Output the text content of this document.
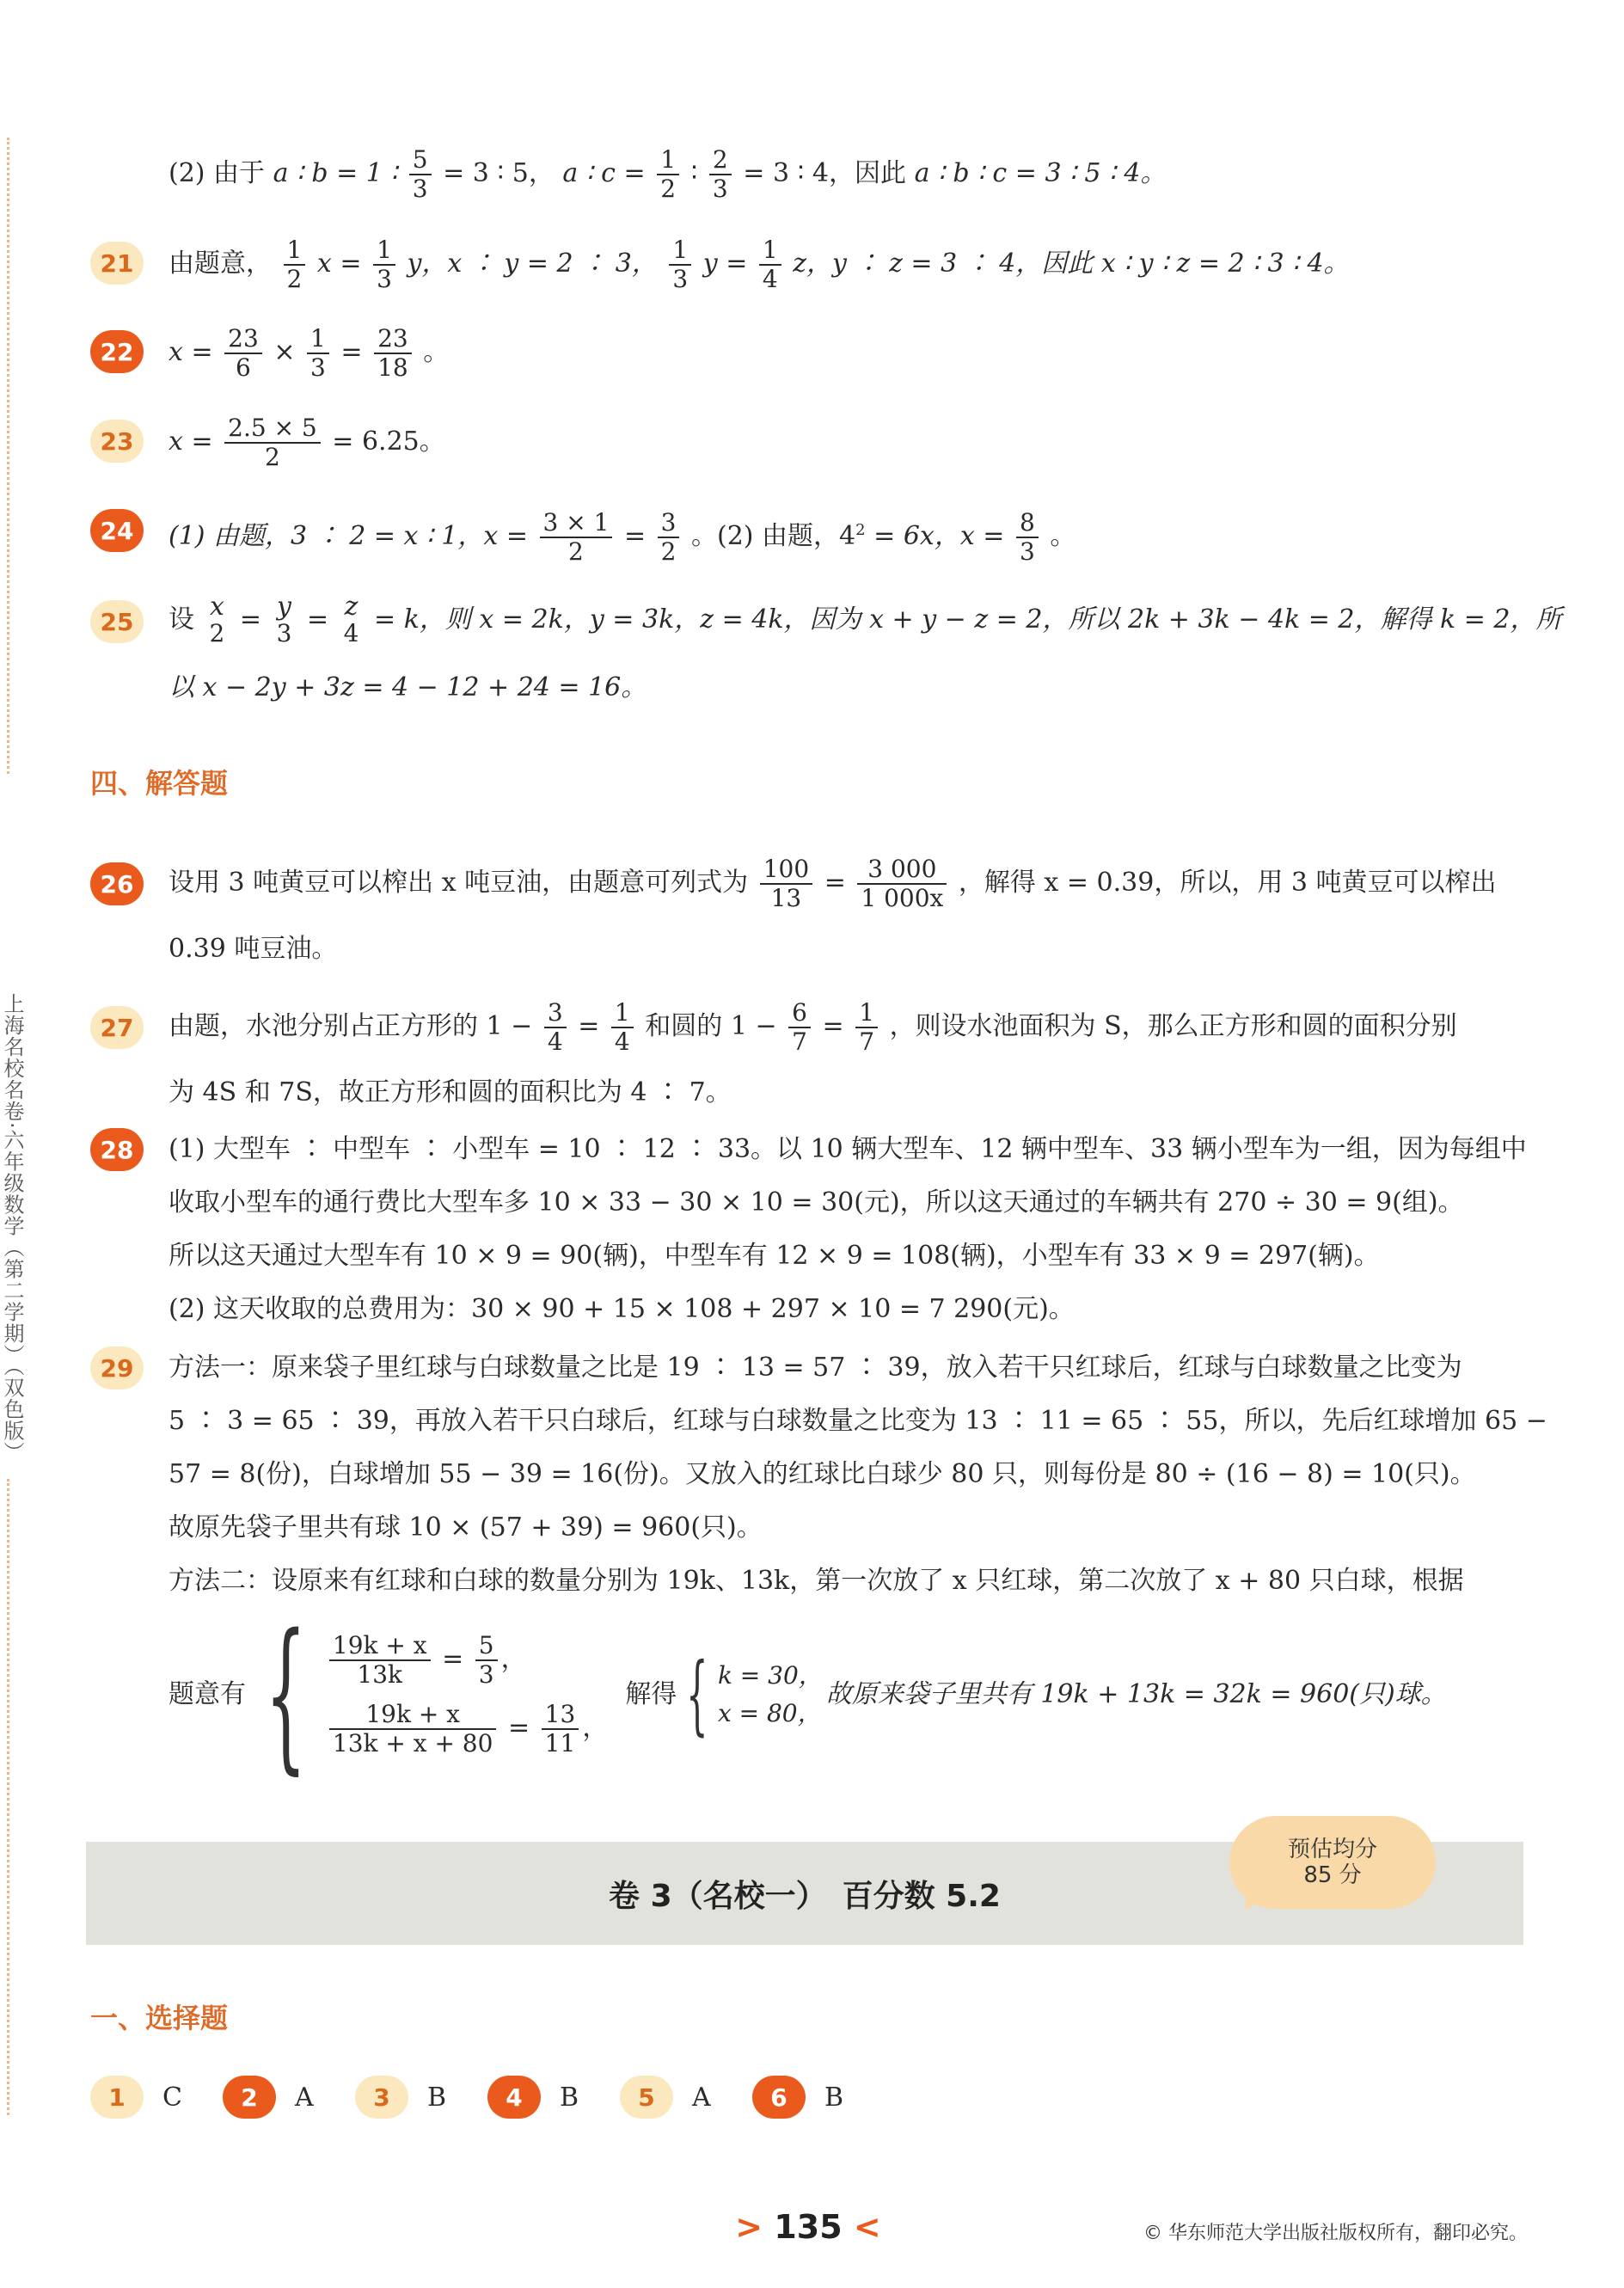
上海名校名卷·六年级数学（第二学期）（双色版）
(2) 由于 a ∶ b = 1 ∶ $\frac{5}{3} = 3$ ∶ 5， a ∶ $c = \frac{1}{2}$ ∶ $\frac{2}{3} = 3$ ∶ 4，因此 a ∶ b ∶ c = 3 ∶ 5 ∶ 4。
21	由题意， $\frac{1}{2}$ $x = \frac{1}{3}$ y，x ∶ y = 2 ∶ 3， $\frac{1}{3}$ $y = \frac{1}{4}$ z，y ∶ z = 3 ∶ 4，因此 x ∶ y ∶ z = 2 ∶ 3 ∶ 4。
22	$x = \frac{23}{6} \times \frac{1}{3} = \frac{23}{18}$ 。
23	$x = \frac{2.5 \times 5}{2} = 6.25$。
24	(1) 由题，3 ∶ 2 = x ∶ 1，$x = \frac{3 \times 1}{2} = \frac{3}{2}$ 。(2) 由题，$4^2 = 6x$，$x = \frac{8}{3}$ 。
25	设 x
2 = y
3 = z
4 = k，则 x = 2k，y = 3k，z = 4k，因为 x + y − z = 2，所以 2k + 3k − 4k = 2，解得 k = 2，所
以 x − 2y + 3z = 4 − 12 + 24 = 16。
四、解答题
26	设用 3 吨黄豆可以榨出 x 吨豆油，由题意可列式为 $\frac{100}{13} = \frac{3 000}{1 000x}$ ，解得 x = 0.39，所以，用 3 吨黄豆可以榨出
0.39 吨豆油。
27	由题，水池分别占正方形的 $1 - \frac{3}{4} = \frac{1}{4}$ 和圆的 $1 - \frac{6}{7} = \frac{1}{7}$ ，则设水池面积为 S，那么正方形和圆的面积分别
为 4S 和 7S，故正方形和圆的面积比为 4 ∶ 7。
28	(1) 大型车 ∶ 中型车 ∶ 小型车 = 10 ∶ 12 ∶ 33。以 10 辆大型车、12 辆中型车、33 辆小型车为一组，因为每组中
收取小型车的通行费比大型车多 10 × 33 − 30 × 10 = 30(元)，所以这天通过的车辆共有 270 ÷ 30 = 9(组)。
所以这天通过大型车有 10 × 9 = 90(辆)，中型车有 12 × 9 = 108(辆)，小型车有 33 × 9 = 297(辆)。
(2) 这天收取的总费用为：30 × 90 + 15 × 108 + 297 × 10 = 7 290(元)。
29	方法一：原来袋子里红球与白球数量之比是 19 ∶ 13 = 57 ∶ 39，放入若干只红球后，红球与白球数量之比变为
5 ∶ 3 = 65 ∶ 39，再放入若干只白球后，红球与白球数量之比变为 13 ∶ 11 = 65 ∶ 55，所以，先后红球增加 65 −
57 = 8(份)，白球增加 55 − 39 = 16(份)。又放入的红球比白球少 80 只，则每份是 80 ÷ (16 − 8) = 10(只)。
故原先袋子里共有球 10 × (57 + 39) = 960(只)。
方法二：设原来有红球和白球的数量分别为 19k、13k，第一次放了 x 只红球，第二次放了 x + 80 只白球，根据
题意有 { $\frac{19k + x}{13k} = \frac{5}{3}$ ，
$\frac{19k + x}{13k + x + 80} = \frac{13}{11}$ ，
解得 { k = 30，
x = 80，
故原来袋子里共有 19k + 13k = 32k = 960(只)球。
卷 3（名校一）　百分数 5.2
预估均分
85 分
一、选择题
1	C	2	A	3	B	4	B	5	A	6	B
> 135 <	© 华东师范大学出版社版权所有，翻印必究。
